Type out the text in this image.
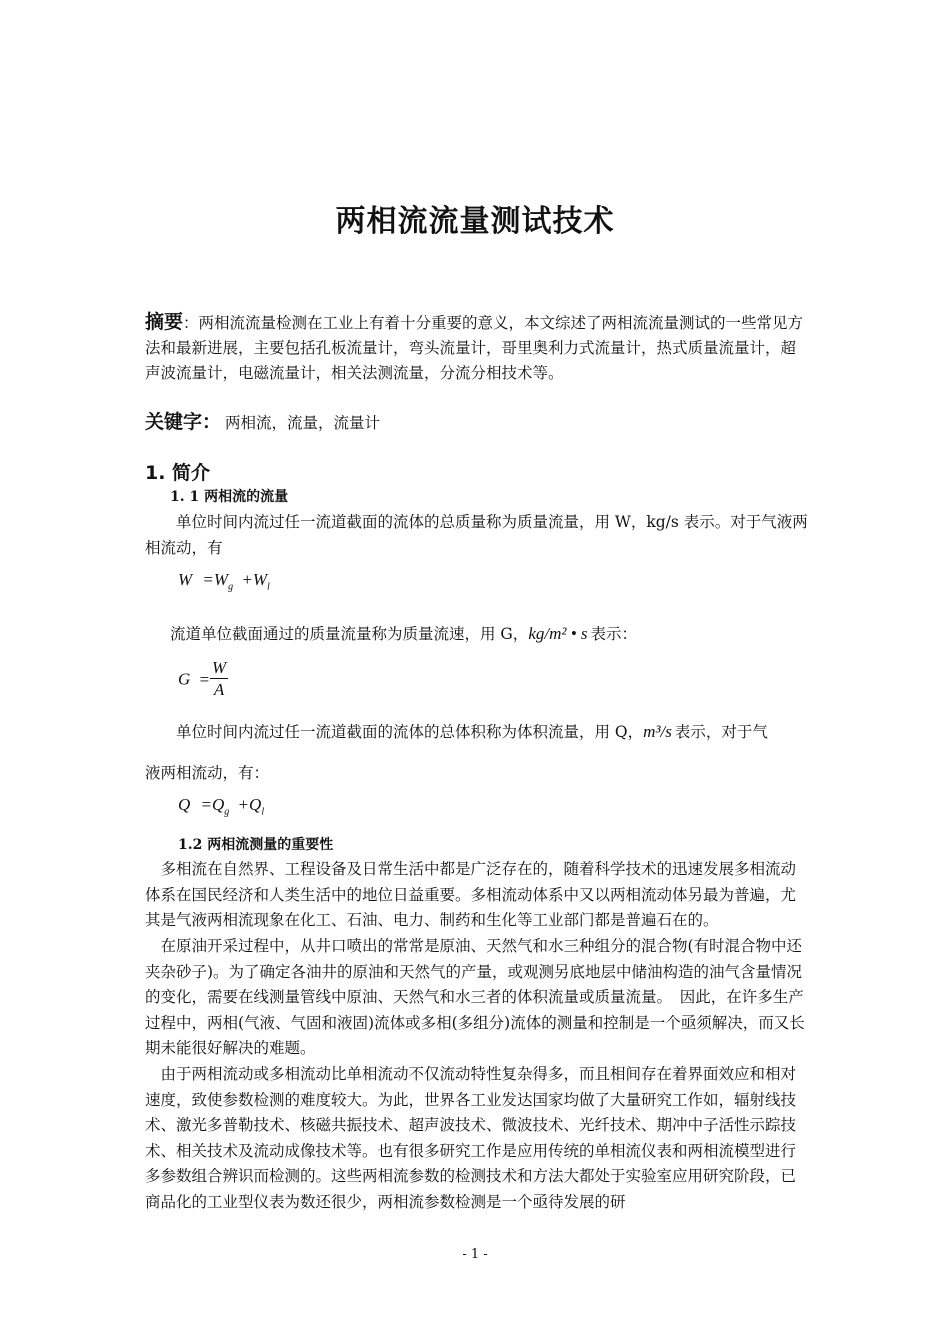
两相流流量测试技术
摘要：两相流流量检测在工业上有着十分重要的意义，本文综述了两相流流量测试的一些常见方法和最新进展，主要包括孔板流量计，弯头流量计，哥里奥利力式流量计，热式质量流量计，超声波流量计，电磁流量计，相关法测流量，分流分相技术等。
关键字： 两相流，流量，流量计
1. 简介
1. 1 两相流的流量
单位时间内流过任一流道截面的流体的总质量称为质量流量，用 W，kg/s 表示。对于气液两相流动，有
$W =W_g +W_l$
流道单位截面通过的质量流量称为质量流速，用 G，kg/m² • s 表示：
$G = \frac{W}{A}$
单位时间内流过任一流道截面的流体的总体积称为体积流量，用 Q，m³/s 表示，对于气
液两相流动，有：
$Q =Q_g +Q_l$
1.2 两相流测量的重要性
多相流在自然界、工程设备及日常生活中都是广泛存在的，随着科学技术的迅速发展多相流动体系在国民经济和人类生活中的地位日益重要。多相流动体系中又以两相流动体另最为普遍，尤其是气液两相流现象在化工、石油、电力、制药和生化等工业部门都是普遍石在的。
在原油开采过程中，从井口喷出的常常是原油、天然气和水三种组分的混合物(有时混合物中还夹杂砂子)。为了确定各油井的原油和天然气的产量，或观测另底地层中储油构造的油气含量情况的变化，需要在线测量管线中原油、天然气和水三者的体积流量或质量流量。　因此，在许多生产过程中，两相(气液、气固和液固)流体或多相(多组分)流体的测量和控制是一个亟须解决，而又长期未能很好解决的难题。
由于两相流动或多相流动比单相流动不仅流动特性复杂得多，而且相间存在着界面效应和相对速度，致使参数检测的难度较大。为此，世界各工业发达国家均做了大量研究工作如，辐射线技术、激光多普勒技术、核磁共振技术、超声波技术、微波技术、光纤技术、期冲中子活性示踪技术、相关技术及流动成像技术等。也有很多研究工作是应用传统的单相流仪表和两相流模型进行多参数组合辨识而检测的。这些两相流参数的检测技术和方法大都处于实验室应用研究阶段，已商品化的工业型仪表为数还很少，两相流参数检测是一个亟待发展的研
- 1 -
